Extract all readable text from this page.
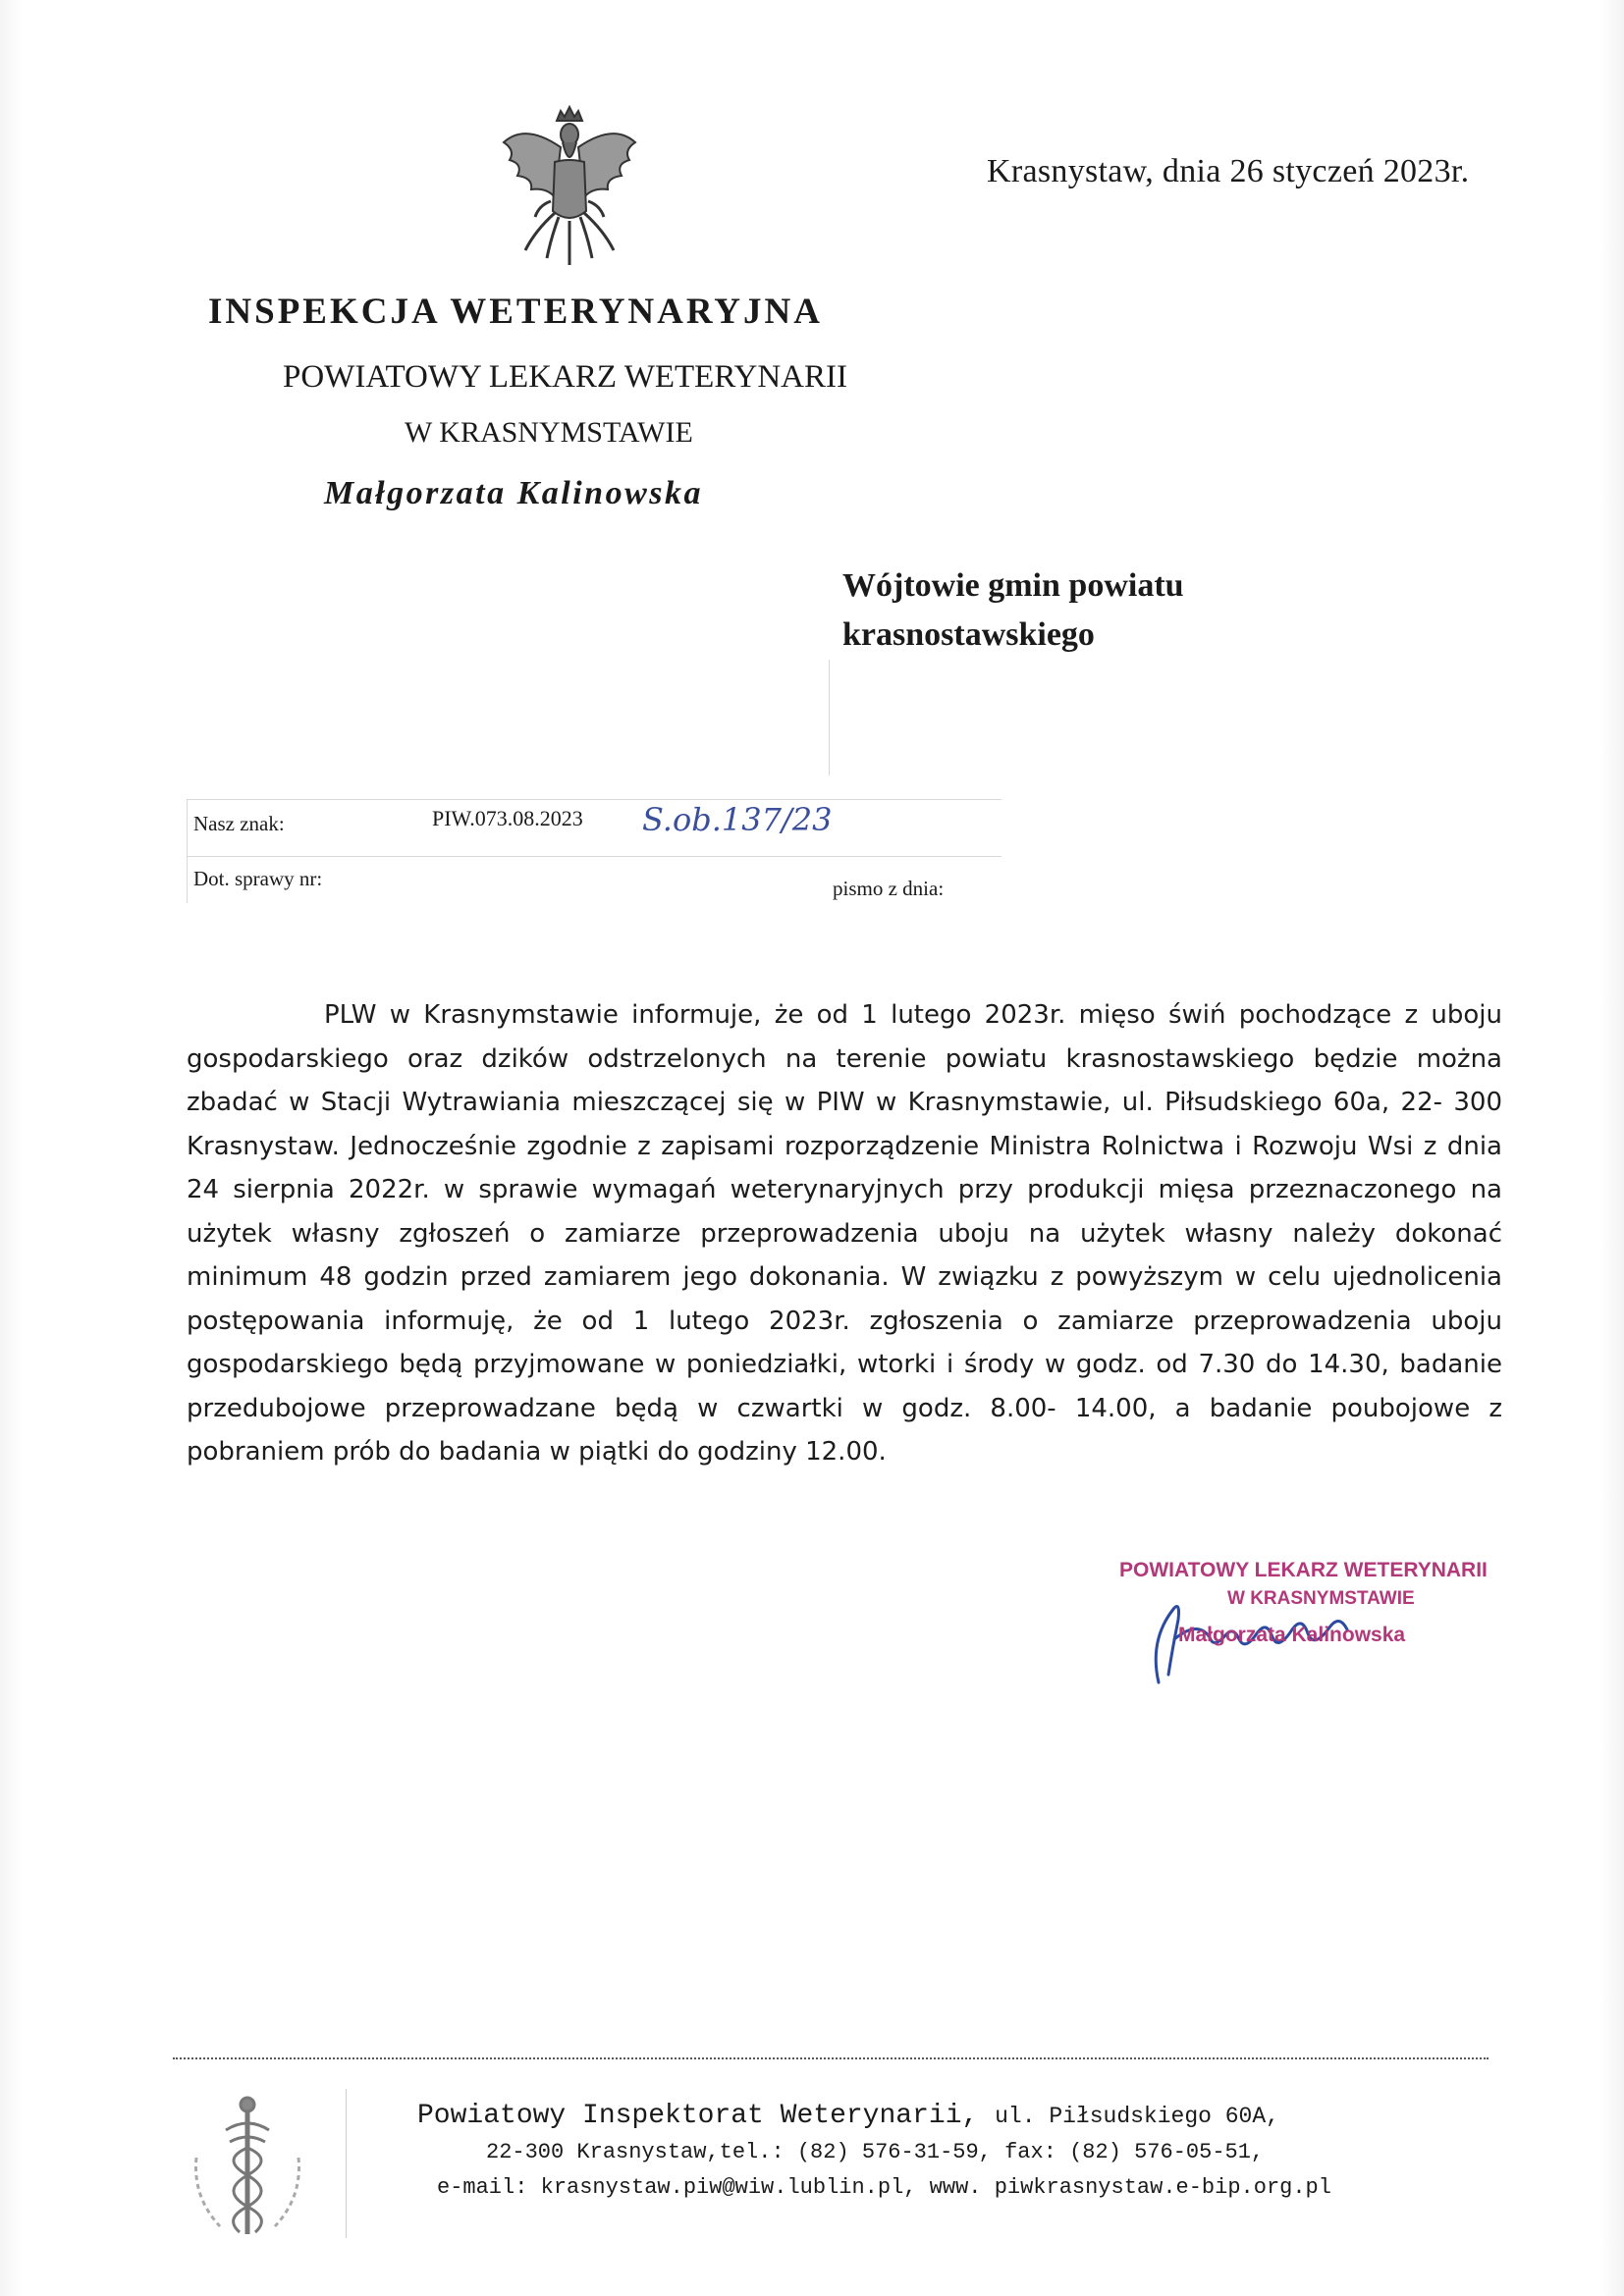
Krasnystaw, dnia 26 styczeń 2023r.
INSPEKCJA WETERYNARYJNA
POWIATOWY LEKARZ WETERYNARII
W KRASNYMSTAWIE
Małgorzata Kalinowska
Wójtowie gmin powiatu
krasnostawskiego
Nasz znak:	PIW.073.08.2023 S.ob.137/23
Dot. sprawy nr:	pismo z dnia:
PLW w Krasnymstawie informuje, że od 1 lutego 2023r. mięso świń pochodzące z uboju gospodarskiego oraz dzików odstrzelonych na terenie powiatu krasnostawskiego będzie można zbadać w Stacji Wytrawiania mieszczącej się w PIW w Krasnymstawie, ul. Piłsudskiego 60a, 22- 300 Krasnystaw. Jednocześnie zgodnie z zapisami rozporządzenie Ministra Rolnictwa i Rozwoju Wsi z dnia 24 sierpnia 2022r. w sprawie wymagań weterynaryjnych przy produkcji mięsa przeznaczonego na użytek własny zgłoszeń o zamiarze przeprowadzenia uboju na użytek własny należy dokonać minimum 48 godzin przed zamiarem jego dokonania. W związku z powyższym w celu ujednolicenia postępowania informuję, że od 1 lutego 2023r. zgłoszenia o zamiarze przeprowadzenia uboju gospodarskiego będą przyjmowane w poniedziałki, wtorki i środy w godz. od 7.30 do 14.30, badanie przedubojowe przeprowadzane będą w czwartki w godz. 8.00- 14.00, a badanie poubojowe z pobraniem prób do badania w piątki do godziny 12.00.
POWIATOWY LEKARZ WETERYNARII
W KRASNYMSTAWIE
Małgorzata Kalinowska
Powiatowy Inspektorat Weterynarii, ul. Piłsudskiego 60A,
22-300 Krasnystaw,tel.: (82) 576-31-59, fax: (82) 576-05-51,
e-mail: krasnystaw.piw@wiw.lublin.pl, www. piwkrasnystaw.e-bip.org.pl
